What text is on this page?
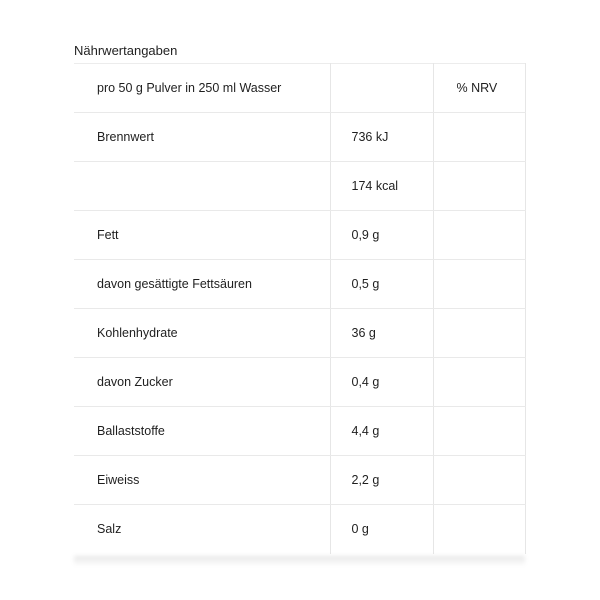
Nährwertangaben
pro 50 g Pulver in 250 ml Wasser		% NRV
Brennwert	736 kJ	
	174 kcal	
Fett	0,9 g	
davon gesättigte Fettsäuren	0,5 g	
Kohlenhydrate	36 g	
davon Zucker	0,4 g	
Ballaststoffe	4,4 g	
Eiweiss	2,2 g	
Salz	0 g	
